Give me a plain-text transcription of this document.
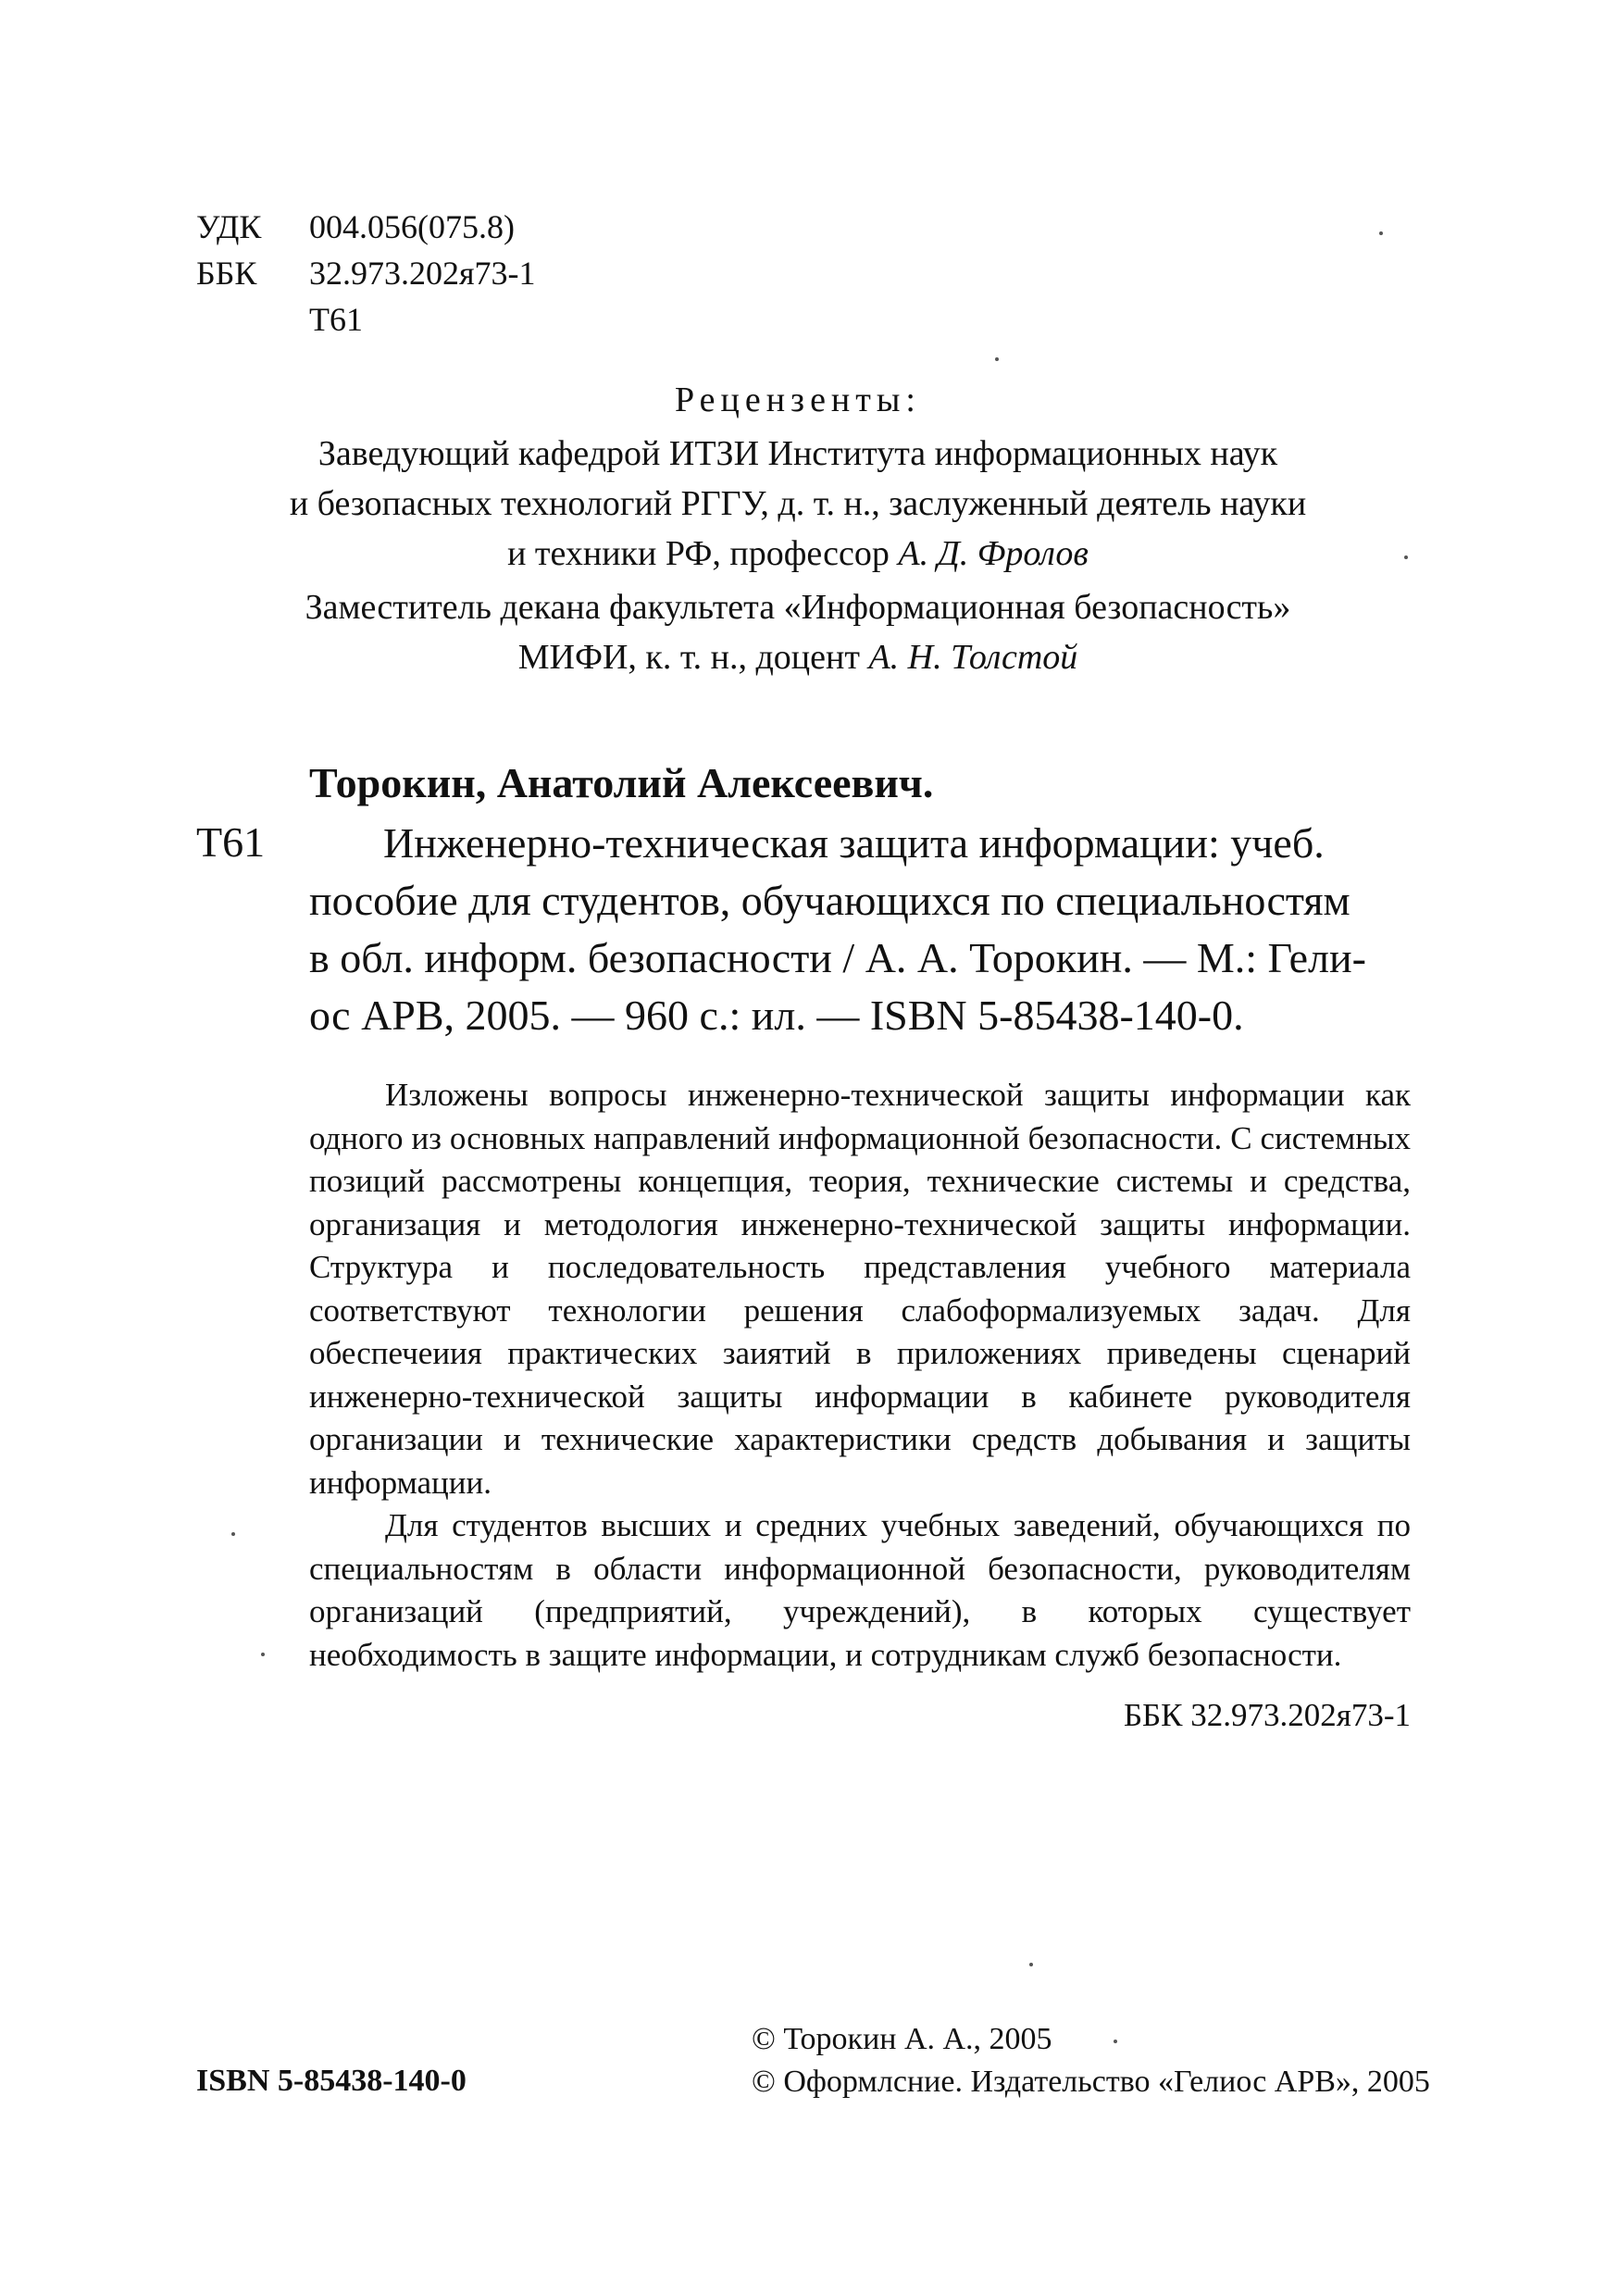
УДК	004.056(075.8)
ББК	32.973.202я73-1
Т61
Рецензенты:
Заведующий кафедрой ИТЗИ Института информационных наук
и безопасных технологий РГГУ, д. т. н., заслуженный деятель науки
и техники РФ, профессор А. Д. Фролов
Заместитель декана факультета «Информационная безопасность»
МИФИ, к. т. н., доцент А. Н. Толстой
Торокин, Анатолий Алексеевич.
Т61	Инженерно-техническая защита информации: учеб.
пособие для студентов, обучающихся по специальностям
в обл. информ. безопасности / А. А. Торокин. — М.: Гели-
ос АРВ, 2005. — 960 с.: ил. — ISBN 5-85438-140-0.

Изложены вопросы инженерно-технической защиты информации как одного из основных направлений информационной безопасности. С системных позиций рассмотрены концепция, теория, технические системы и средства, организация и методология инженерно-технической защиты информации. Структура и последовательность представления учебного материала соответствуют технологии решения слабоформализуемых задач. Для обеспечеиия практических заиятий в приложениях приведены сценарий инженерно-технической защиты информации в кабинете руководителя организации и технические характеристики средств добывания и защиты информации.

Для студентов высших и средних учебных заведений, обучающихся по специальностям в области информационной безопасности, руководителям организаций (предприятий, учреждений), в которых существует необходимость в защите информации, и сотрудникам служб безопасности.

ББК 32.973.202я73-1
ISBN 5-85438-140-0
© Торокин А. А., 2005
© Оформлсние. Издательство «Гелиос АРВ», 2005
